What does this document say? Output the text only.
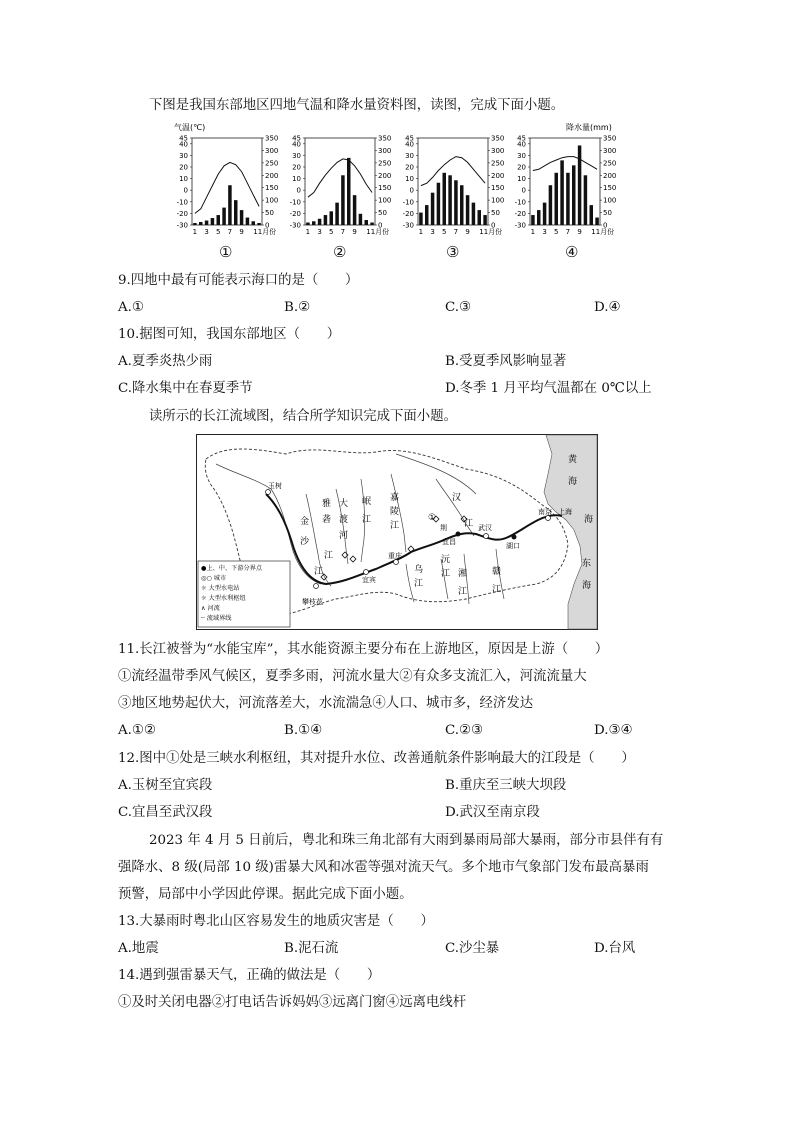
下图是我国东部地区四地气温和降水量资料图，读图，完成下面小题。
气温(℃)	降水量(mm)
45
40
30
20
10
0
-10
-20
-30
350
300
250
200
150
100
50
0
1 3 5 7 9 11月份
45
40
30
20
10
0
-10
-20
-30
350
300
250
200
150
100
50
0
1 3 5 7 9 11月份
45
40
30
20
10
0
-10
-20
-30
350
300
250
200
150
100
50
0
1 3 5 7 9 11月份
45
40
30
20
10
0
-10
-20
-30
350
300
250
200
150
100
50
0
1 3 5 7 9 11月份
①	②	③	④
9.四地中最有可能表示海口的是（　　）
A.①	B.②	C.③	D.④
10.据图可知，我国东部地区（　　）
A.夏季炎热少雨	B.受夏季风影响显著
C.降水集中在春夏季节	D.冬季 1 月平均气温都在 0℃以上
读所示的长江流域图，结合所学知识完成下面小题。
●上、中、下游分界点
◎○ 城市
☼ 大型水电站
☼ 大型水利枢纽
∧ 河流
┄ 流域界线
黄
海
海
东
海
玉树
金
沙
江
雅
砻
江
大
渡
河
岷
江
嘉
陵
江
汉
江
①
荆
宜昌
武汉
湖口
南京 上海
重庆
宜宾
攀枝花
乌
江
沅
江 湘
江
赣
江
11.长江被誉为“水能宝库”，其水能资源主要分布在上游地区，原因是上游（　　）
①流经温带季风气候区，夏季多雨，河流水量大②有众多支流汇入，河流流量大
③地区地势起伏大，河流落差大，水流湍急④人口、城市多，经济发达
A.①②	B.①④	C.②③	D.③④
12.图中①处是三峡水利枢纽，其对提升水位、改善通航条件影响最大的江段是（　　）
A.玉树至宜宾段	B.重庆至三峡大坝段
C.宜昌至武汉段	D.武汉至南京段
2023 年 4 月 5 日前后，粤北和珠三角北部有大雨到暴雨局部大暴雨，部分市县伴有有
强降水、8 级(局部 10 级)雷暴大风和冰雹等强对流天气。多个地市气象部门发布最高暴雨
预警，局部中小学因此停课。据此完成下面小题。
13.大暴雨时粤北山区容易发生的地质灾害是（　　）
A.地震	B.泥石流	C.沙尘暴	D.台风
14.遇到强雷暴天气，正确的做法是（　　）
①及时关闭电器②打电话告诉妈妈③远离门窗④远离电线杆
